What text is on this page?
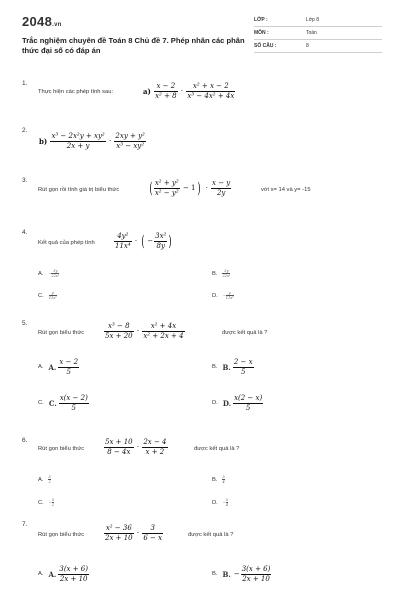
2048.vn
Trắc nghiệm chuyên đề Toán 8 Chủ đề 7. Phép nhân các phân thức đại số có đáp án
LỚP :	Lớp 8
MÔN :	Toán
SỐ CÂU :	8
1.
Thực hiện các phép tính sau:	$a) \frac{x - 2}{\text{x² + 8}} \cdot \frac{\text{x² + x − 2}}{\text{x³ − 4x² + 4x}}$
2.
$b) \frac{\text{x³ − 2x²y + xy²}}{2x + y} \cdot \frac{\text{2xy + y²}}{\text{x³ − xy²}}$
3.
Rút gọn rồi tính giá trị biểu thức ( $\frac{\text{x² + y²}}{\text{x² − y²}} - 1$ ) · $\frac{x - y}{2y}$	với x= 14 và y= -15
4.
Kết quả của phép tính	$\frac{\text{4y²}}{\text{11x⁴}}$ · ( − $\frac{\text{3x²}}{8y}$ )
A. − $\frac{3y}{\text{22x²}}$	B. $\frac{3y}{\text{22x²}}$
C. $\frac{y}{\text{11x²}}$	D. − $\frac{y}{\text{11x²}}$
5.
Rút gọn biểu thức	$\frac{\text{x³ − 8}}{5x + 20} \cdot \frac{\text{x² + 4x}}{\text{x² + 2x + 4}}$	được kết quả là ?
A. A. $\frac{x - 2}{5}$	B. B. $\frac{2 - x}{5}$
C. C. $\frac{x(x - 2)}{5}$	D. D. $\frac{x(2 - x)}{5}$
6.
Rút gọn biểu thức	$\frac{5x + 10}{8 - 4x} \cdot \frac{2x - 4}{x + 2}$	được kết quả là ?
A. $\frac{5}{2}$	B. $\frac{5}{4}$
C. − $\frac{5}{2}$	D. − $\frac{5}{4}$
7.
Rút gọn biểu thức	$\frac{\text{x² − 36}}{2x + 10} \cdot \frac{3}{6 - x}$	được kết quả là ?
A. A. $\frac{3(x + 6)}{2x + 10}$	B. B. − $\frac{3(x + 6)}{2x + 10}$
